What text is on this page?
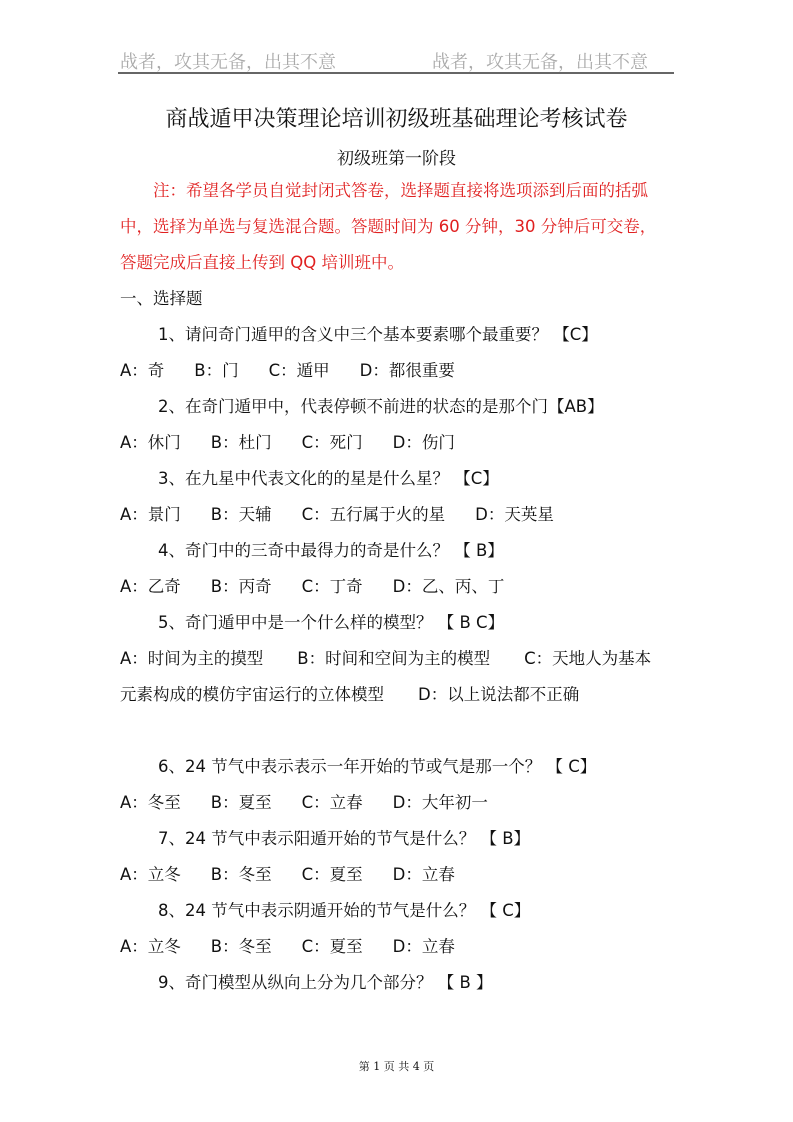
战者，攻其无备，出其不意	战者，攻其无备，出其不意
商战遁甲决策理论培训初级班基础理论考核试卷
初级班第一阶段
注：希望各学员自觉封闭式答卷，选择题直接将选项添到后面的括弧中，选择为单选与复选混合题。答题时间为 60 分钟，30 分钟后可交卷，答题完成后直接上传到 QQ 培训班中。
一、选择题
1、请问奇门遁甲的含义中三个基本要素哪个最重要？ 【C】
A：奇 B：门 C：遁甲 D：都很重要
2、在奇门遁甲中，代表停顿不前进的状态的是那个门【AB】
A：休门 B：杜门 C：死门 D：伤门
3、在九星中代表文化的的星是什么星？ 【C】
A：景门 B：天辅 C：五行属于火的星 D：天英星
4、奇门中的三奇中最得力的奇是什么？ 【 B】
A：乙奇 B：丙奇 C：丁奇 D：乙、丙、丁
5、奇门遁甲中是一个什么样的模型？ 【 B C】
A：时间为主的摸型 B：时间和空间为主的模型 C：天地人为基本元素构成的模仿宇宙运行的立体模型 D：以上说法都不正确
6、24 节气中表示表示一年开始的节或气是那一个？ 【 C】
A：冬至 B：夏至 C：立春 D：大年初一
7、24 节气中表示阳遁开始的节气是什么？ 【 B】
A：立冬 B：冬至 C：夏至 D：立春
8、24 节气中表示阴遁开始的节气是什么？ 【 C】
A：立冬 B：冬至 C：夏至 D：立春
9、奇门模型从纵向上分为几个部分？ 【 B 】
第 1 页 共 4 页
